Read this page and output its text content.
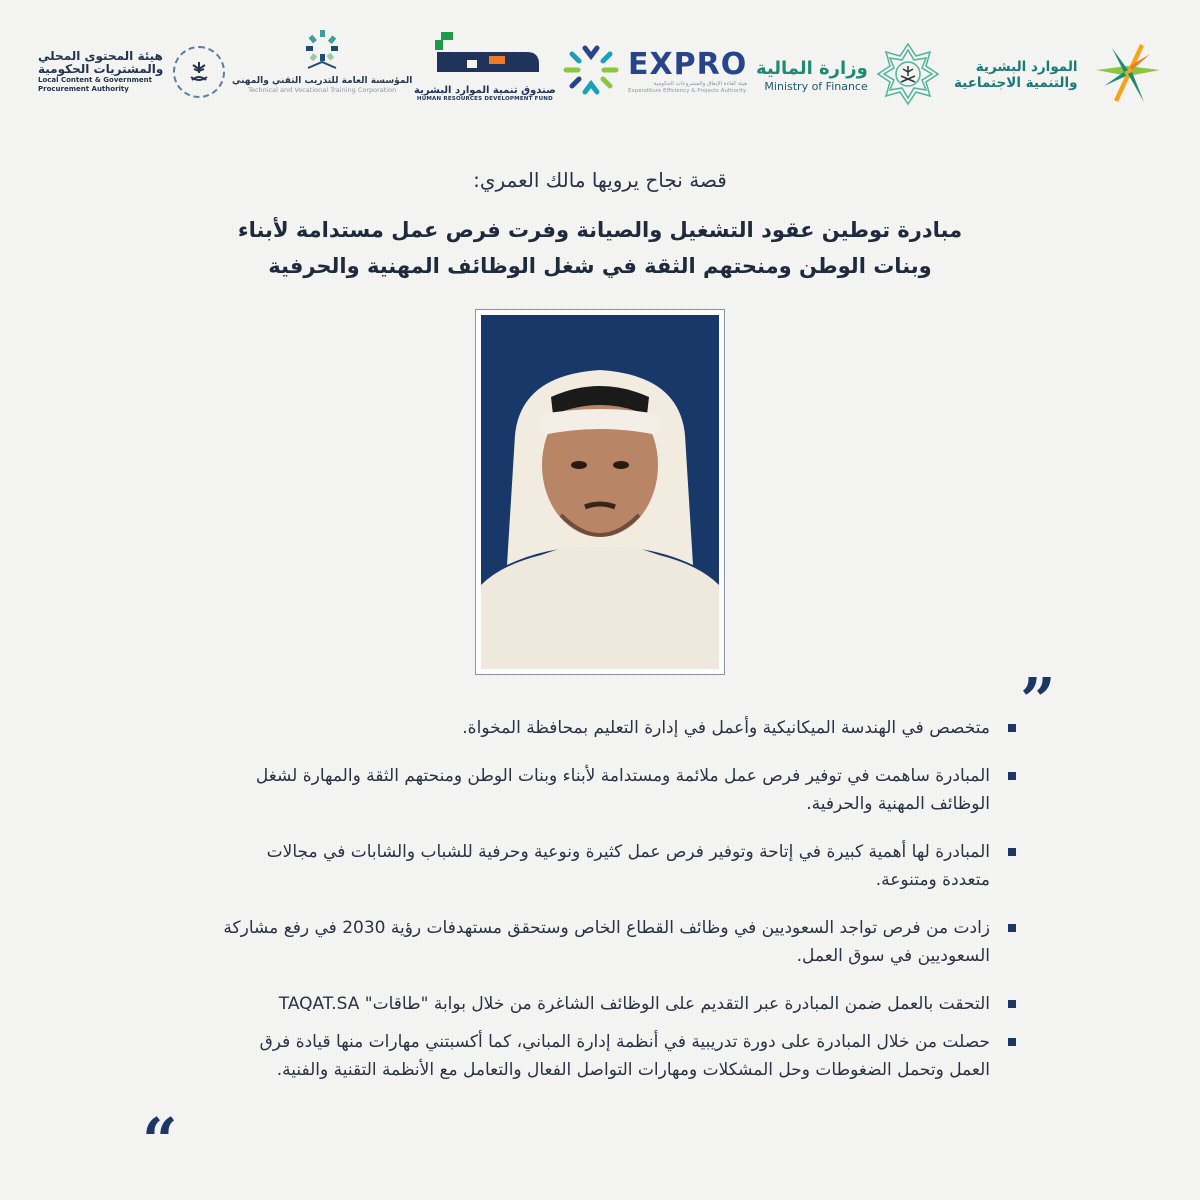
هيئة المحتوى المحلي
والمشتريات الحكومية
Local Content & Government
Procurement Authority
المؤسسة العامة للتدريب التقني والمهني
Technical and Vocational Training Corporation صندوق تنمية الموارد البشرية
HUMAN RESOURCES DEVELOPMENT FUND
EXPRO
هيئة كفاءة الإنفاق والمشروعات الحكومية
Expenditure Efficiency & Projects Authority
وزارة المالية
Ministry of Finance
الموارد البشرية
والتنمية الاجتماعية
قصة نجاح يرويها مالك العمري:
مبادرة توطين عقود التشغيل والصيانة وفرت فرص عمل مستدامة لأبناء
وبنات الوطن ومنحتهم الثقة في شغل الوظائف المهنية والحرفية
”
متخصص في الهندسة الميكانيكية وأعمل في إدارة التعليم بمحافظة المخواة.
المبادرة ساهمت في توفير فرص عمل ملائمة ومستدامة لأبناء وبنات الوطن ومنحتهم الثقة والمهارة لشغل الوظائف المهنية والحرفية.
المبادرة لها أهمية كبيرة في إتاحة وتوفير فرص عمل كثيرة ونوعية وحرفية للشباب والشابات في مجالات متعددة ومتنوعة.
زادت من فرص تواجد السعوديين في وظائف القطاع الخاص وستحقق مستهدفات رؤية 2030 في رفع مشاركة السعوديين في سوق العمل.
التحقت بالعمل ضمن المبادرة عبر التقديم على الوظائف الشاغرة من خلال بوابة "طاقات" TAQAT.SA
حصلت من خلال المبادرة على دورة تدريبية في أنظمة إدارة المباني، كما أكسبتني مهارات منها قيادة فرق العمل وتحمل الضغوطات وحل المشكلات ومهارات التواصل الفعال والتعامل مع الأنظمة التقنية والفنية.
“
